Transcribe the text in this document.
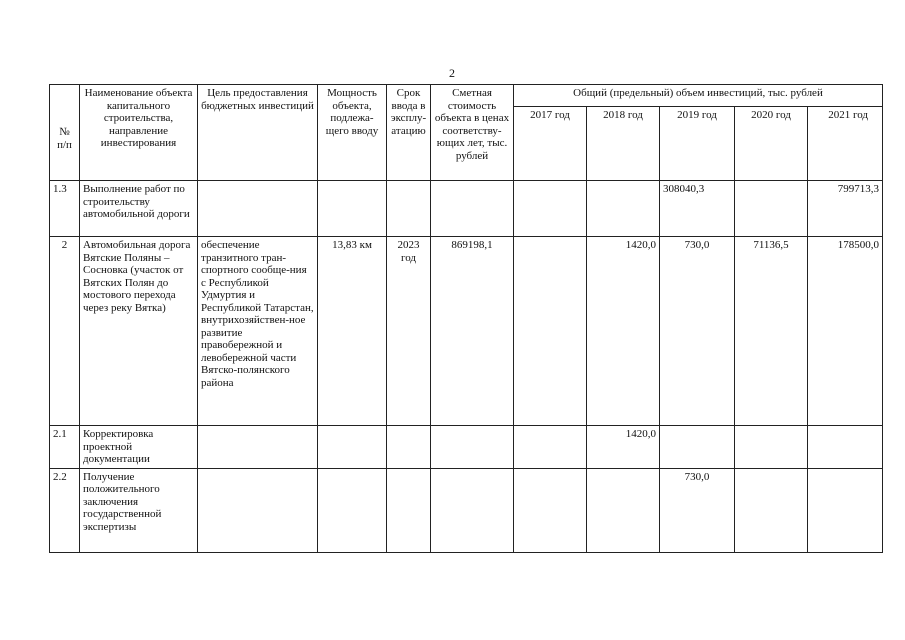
2
№
п/п	Наименование объекта капитального строительства, направление инвестирования	Цель предоставления бюджетных инвестиций	Мощность объекта, подлежа-щего вводу	Срок ввода в эксплу-атацию	Сметная стоимость объекта в ценах соответству-ющих лет, тыс. рублей	Общий (предельный) объем инвестиций, тыс. рублей				
						2017 год	2018 год	2019 год	2020 год	2021 год
1.3	Выполнение работ по строительству автомобильной дороги							308040,3		799713,3
2	Автомобильная дорога Вятские Поляны – Сосновка (участок от Вятских Полян до мостового перехода через реку Вятка)	обеспечение транзитного тран-спортного сообще-ния с Республикой Удмуртия и Республикой Татарстан, внутрихозяйствен-ное развитие правобережной и левобережной части Вятско-полянского района	13,83 км	2023 год	869198,1		1420,0	730,0	71136,5	178500,0
2.1	Корректировка проектной документации						1420,0			
2.2	Получение положительного заключения государственной экспертизы							730,0		
